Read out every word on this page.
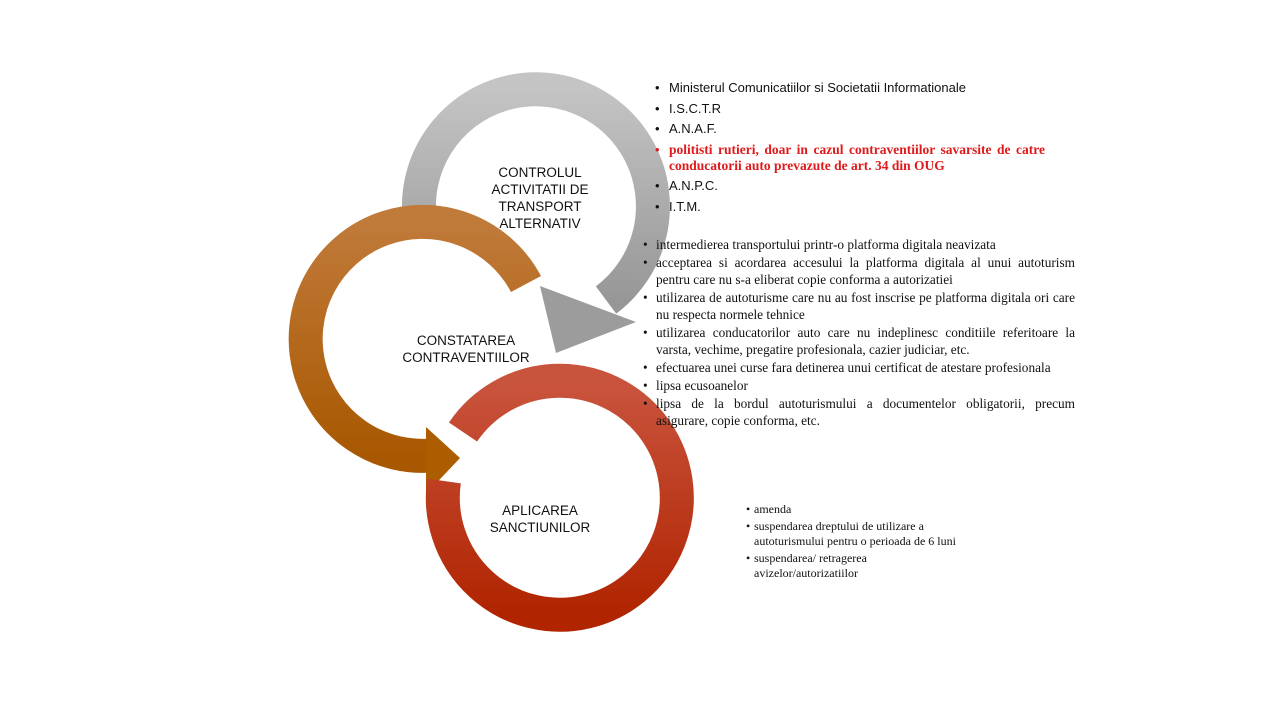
CONTROLUL
ACTIVITATII DE
TRANSPORT
ALTERNATIV
CONSTATAREA
CONTRAVENTIILOR
APLICAREA
SANCTIUNILOR
• Ministerul Comunicatiilor si Societatii Informationale
• I.S.C.T.R
• A.N.A.F.
• politisti rutieri, doar in cazul contraventiilor savarsite de catre conducatorii auto prevazute de art. 34 din OUG
• A.N.P.C.
• I.T.M.
• intermedierea transportului printr-o platforma digitala neavizata
• acceptarea si acordarea accesului la platforma digitala al unui autoturism pentru care nu s-a eliberat copie conforma a autorizatiei
• utilizarea de autoturisme care nu au fost inscrise pe platforma digitala ori care nu respecta normele tehnice
• utilizarea conducatorilor auto care nu indeplinesc conditiile referitoare la varsta, vechime, pregatire profesionala, cazier judiciar, etc.
• efectuarea unei curse fara detinerea unui certificat de atestare profesionala
• lipsa ecusoanelor
• lipsa de la bordul autoturismului a documentelor obligatorii, precum asigurare, copie conforma, etc.
• amenda
• suspendarea dreptului de utilizare a autoturismului pentru o perioada de 6 luni
• suspendarea/ retragerea avizelor/autorizatiilor
